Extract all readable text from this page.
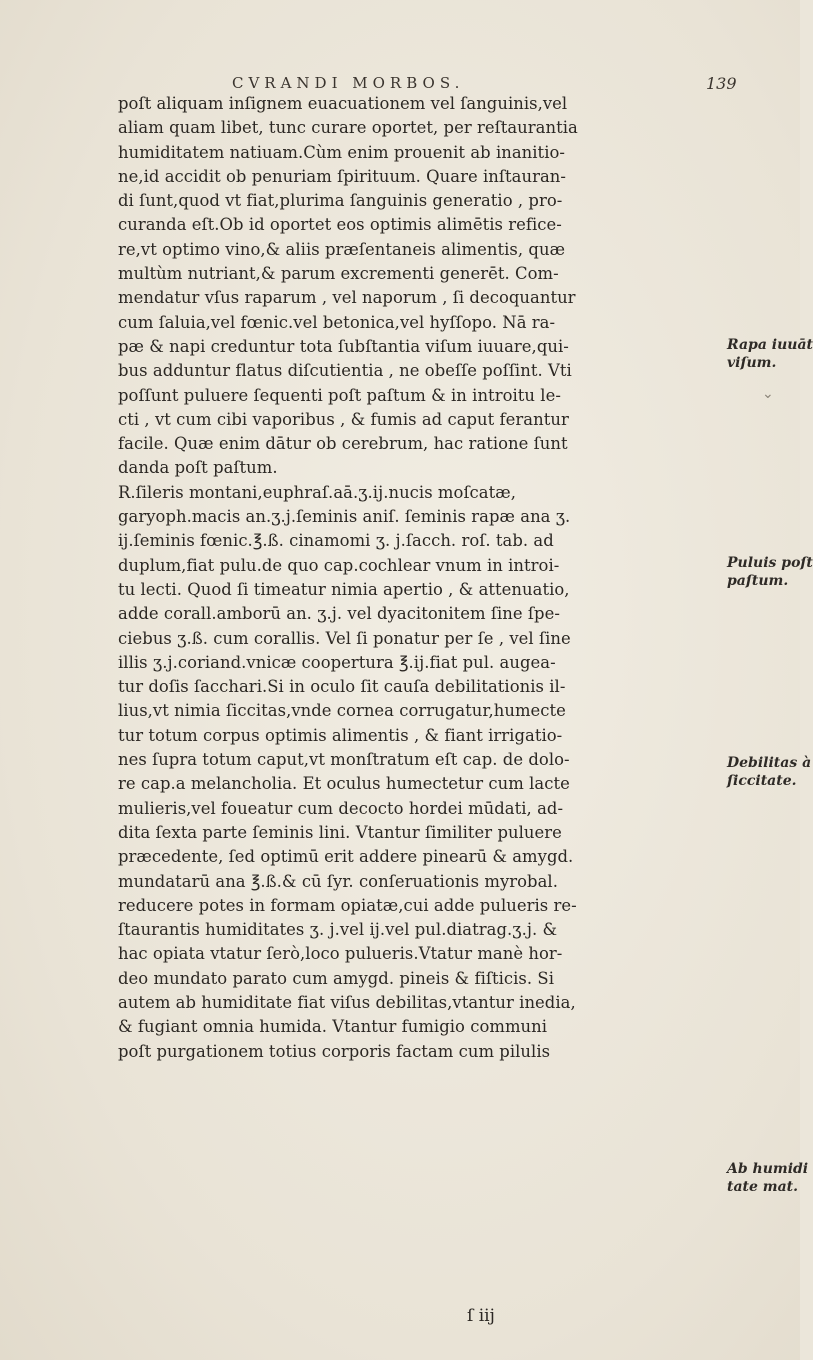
CVRANDI MORBOS.	139
poſt aliquam inſignem euacuationem vel ſanguinis,vel
aliam quam libet, tunc curare oportet, per reſtaurantia
humiditatem natiuam.Cùm enim prouenit ab inanitio-
ne,id accidit ob penuriam ſpirituum. Quare inſtauran-
di ſunt,quod vt fiat,plurima ſanguinis generatio , pro-
curanda eſt.Ob id oportet eos optimis alimētis refice-
re,vt optimo vino,& aliis præſentaneis alimentis, quæ
multùm nutriant,& parum excrementi generēt. Com-
mendatur vſus raparum , vel naporum , ſi decoquantur
cum ſaluia,vel fœnic.vel betonica,vel hyſſopo. Nā ra-
pæ & napi creduntur tota ſubſtantia viſum iuuare,qui-
bus adduntur flatus diſcutientia , ne obeſſe poſſint. Vti
poſſunt puluere ſequenti poſt paſtum & in introitu le-
cti , vt cum cibi vaporibus , & fumis ad caput ferantur
facile. Quæ enim dātur ob cerebrum, hac ratione ſunt
danda poſt paſtum.
R.ſileris montani,euphraſ.aā.ʒ.ij.nucis moſcatæ,
garyoph.macis an.ʒ.j.ſeminis aniſ. ſeminis rapæ ana ʒ.
ij.ſeminis fœnic.℥.ß. cinamomi ʒ. j.ſacch. roſ. tab. ad
duplum,fiat pulu.de quo cap.cochlear vnum in introi-
tu lecti. Quod ſi timeatur nimia apertio , & attenuatio,
adde corall.amborū an. ʒ.j. vel dyacitonitem ſine ſpe-
ciebus ʒ.ß. cum corallis. Vel ſi ponatur per ſe , vel ſine
illis ʒ.j.coriand.vnicæ coopertura ℥.ij.fiat pul. augea-
tur doſis ſacchari.Si in oculo ſit cauſa debilitationis il-
lius,vt nimia ſiccitas,vnde cornea corrugatur,humecte
tur totum corpus optimis alimentis , & fiant irrigatio-
nes ſupra totum caput,vt monſtratum eſt cap. de dolo-
re cap.a melancholia. Et oculus humectetur cum lacte
mulieris,vel foueatur cum decocto hordei mūdati, ad-
dita ſexta parte ſeminis lini. Vtantur ſimiliter puluere
præcedente, ſed optimū erit addere pinearū & amygd.
mundatarū ana ℥.ß.& cū ſyr. conſeruationis myrobal.
reducere potes in formam opiatæ,cui adde pulueris re-
ſtaurantis humiditates ʒ. j.vel ij.vel pul.diatrag.ʒ.j. &
hac opiata vtatur ſerò,loco pulueris.Vtatur manè hor-
deo mundato parato cum amygd. pineis & fiſticis. Si
autem ab humiditate fiat viſus debilitas,vtantur inedia,
& fugiant omnia humida. Vtantur fumigio communi
poſt purgationem totius corporis factam cum pilulis
Rapa iuuāt
viſum.
Puluis poſt
paſtum.
Debilitas à
ſiccitate.
Ab humidi
tate mat.
ſ iij
⌄
